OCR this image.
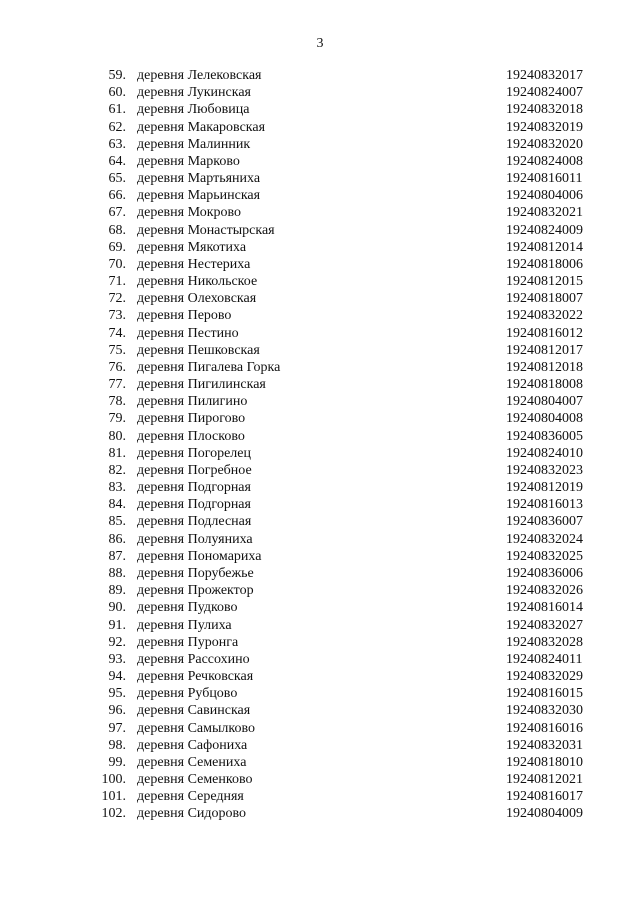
3
59. деревня Лелековская	19240832017
60. деревня Лукинская	19240824007
61. деревня Любовица	19240832018
62. деревня Макаровская	19240832019
63. деревня Малинник	19240832020
64. деревня Марково	19240824008
65. деревня Мартьяниха	19240816011
66. деревня Марьинская	19240804006
67. деревня Мокрово	19240832021
68. деревня Монастырская	19240824009
69. деревня Мякотиха	19240812014
70. деревня Нестериха	19240818006
71. деревня Никольское	19240812015
72. деревня Олеховская	19240818007
73. деревня Перово	19240832022
74. деревня Пестино	19240816012
75. деревня Пешковская	19240812017
76. деревня Пигалева Горка	19240812018
77. деревня Пигилинская	19240818008
78. деревня Пилигино	19240804007
79. деревня Пирогово	19240804008
80. деревня Плосково	19240836005
81. деревня Погорелец	19240824010
82. деревня Погребное	19240832023
83. деревня Подгорная	19240812019
84. деревня Подгорная	19240816013
85. деревня Подлесная	19240836007
86. деревня Полуяниха	19240832024
87. деревня Пономариха	19240832025
88. деревня Порубежье	19240836006
89. деревня Прожектор	19240832026
90. деревня Пудково	19240816014
91. деревня Пулиха	19240832027
92. деревня Пуронга	19240832028
93. деревня Рассохино	19240824011
94. деревня Речковская	19240832029
95. деревня Рубцово	19240816015
96. деревня Савинская	19240832030
97. деревня Самылково	19240816016
98. деревня Сафониха	19240832031
99. деревня Семениха	19240818010
100. деревня Семенково	19240812021
101. деревня Середняя	19240816017
102. деревня Сидорово	19240804009
